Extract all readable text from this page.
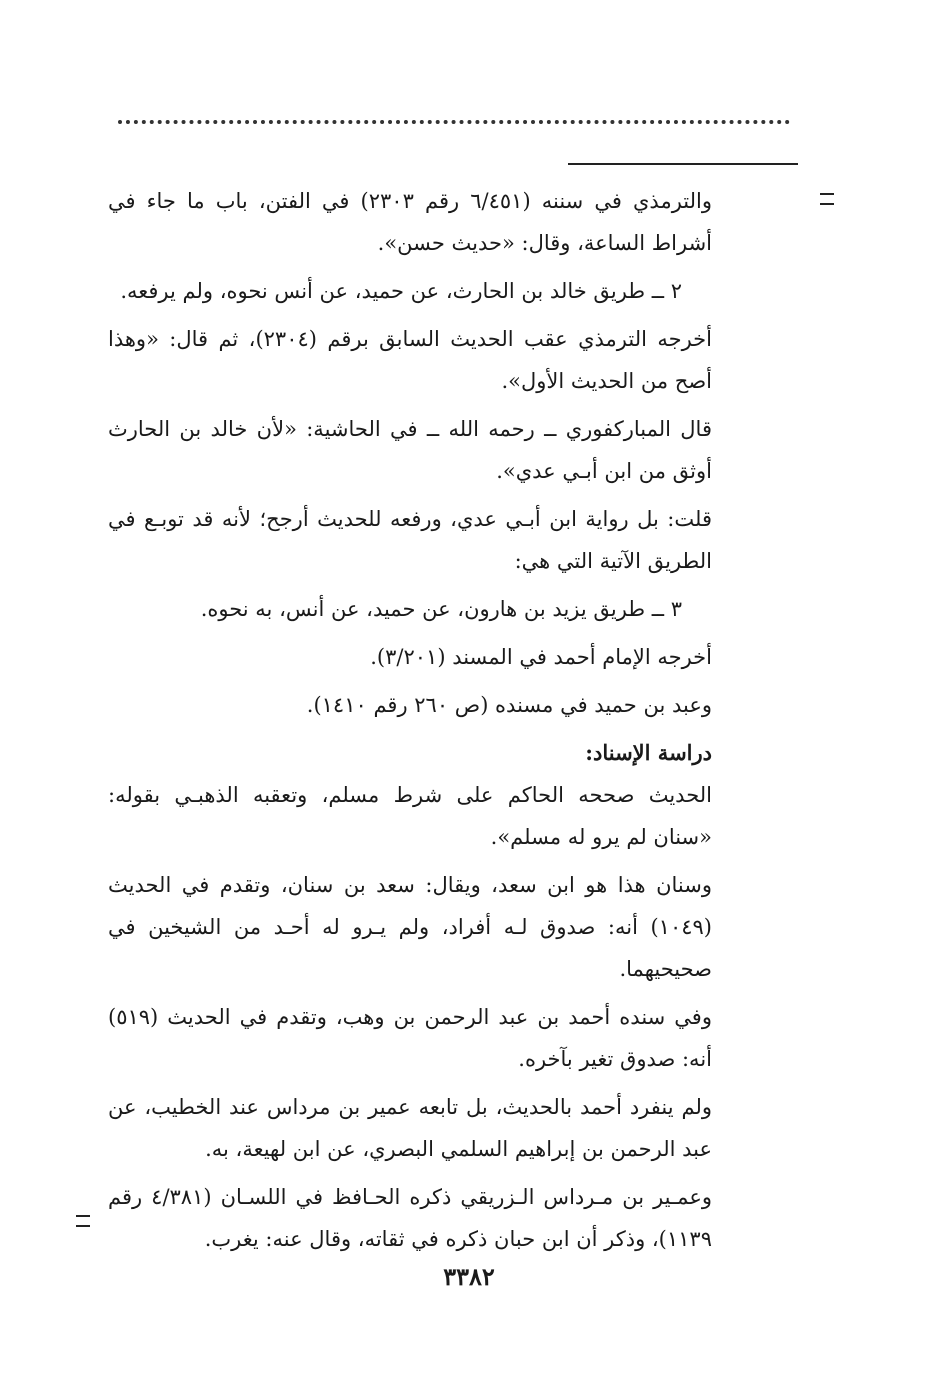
والترمذي في سننه (٦/٤٥١ رقم ٢٣٠٣) في الفتن، باب ما جاء في أشراط الساعة، وقال: «حديث حسن».

٢ ــ طريق خالد بن الحارث، عن حميد، عن أنس نحوه، ولم يرفعه.

أخرجه الترمذي عقب الحديث السابق برقم (٢٣٠٤)، ثم قال: «وهذا أصح من الحديث الأول».

قال المباركفوري ــ رحمه الله ــ في الحاشية: «لأن خالد بن الحارث أوثق من ابن أبـي عدي».

قلت: بل رواية ابن أبـي عدي، ورفعه للحديث أرجح؛ لأنه قد توبـع في الطريق الآتية التي هي:

٣ ــ طريق يزيد بن هارون، عن حميد، عن أنس، به نحوه.

أخرجه الإمام أحمد في المسند (٣/٢٠١).

وعبد بن حميد في مسنده (ص ٢٦٠ رقم ١٤١٠).

دراسة الإسناد:

الحديث صححه الحاكم على شرط مسلم، وتعقبه الذهبـي بقوله: «سنان لم يرو له مسلم».

وسنان هذا هو ابن سعد، ويقال: سعد بن سنان، وتقدم في الحديث (١٠٤٩) أنه: صدوق لـه أفراد، ولم يـرو له أحـد من الشيخين في صحيحيهما.

وفي سنده أحمد بن عبد الرحمن بن وهب، وتقدم في الحديث (٥١٩) أنه: صدوق تغير بآخره.

ولم ينفرد أحمد بالحديث، بل تابعه عمير بن مرداس عند الخطيب، عن عبد الرحمن بن إبراهيم السلمي البصري، عن ابن لهيعة، به.

وعمـير بن مـرداس الـزريقي ذكره الحـافظ في اللسـان (٤/٣٨١ رقم ١١٣٩)، وذكر أن ابن حبان ذكره في ثقاته، وقال عنه: يغرب.

٣٣٨٢
